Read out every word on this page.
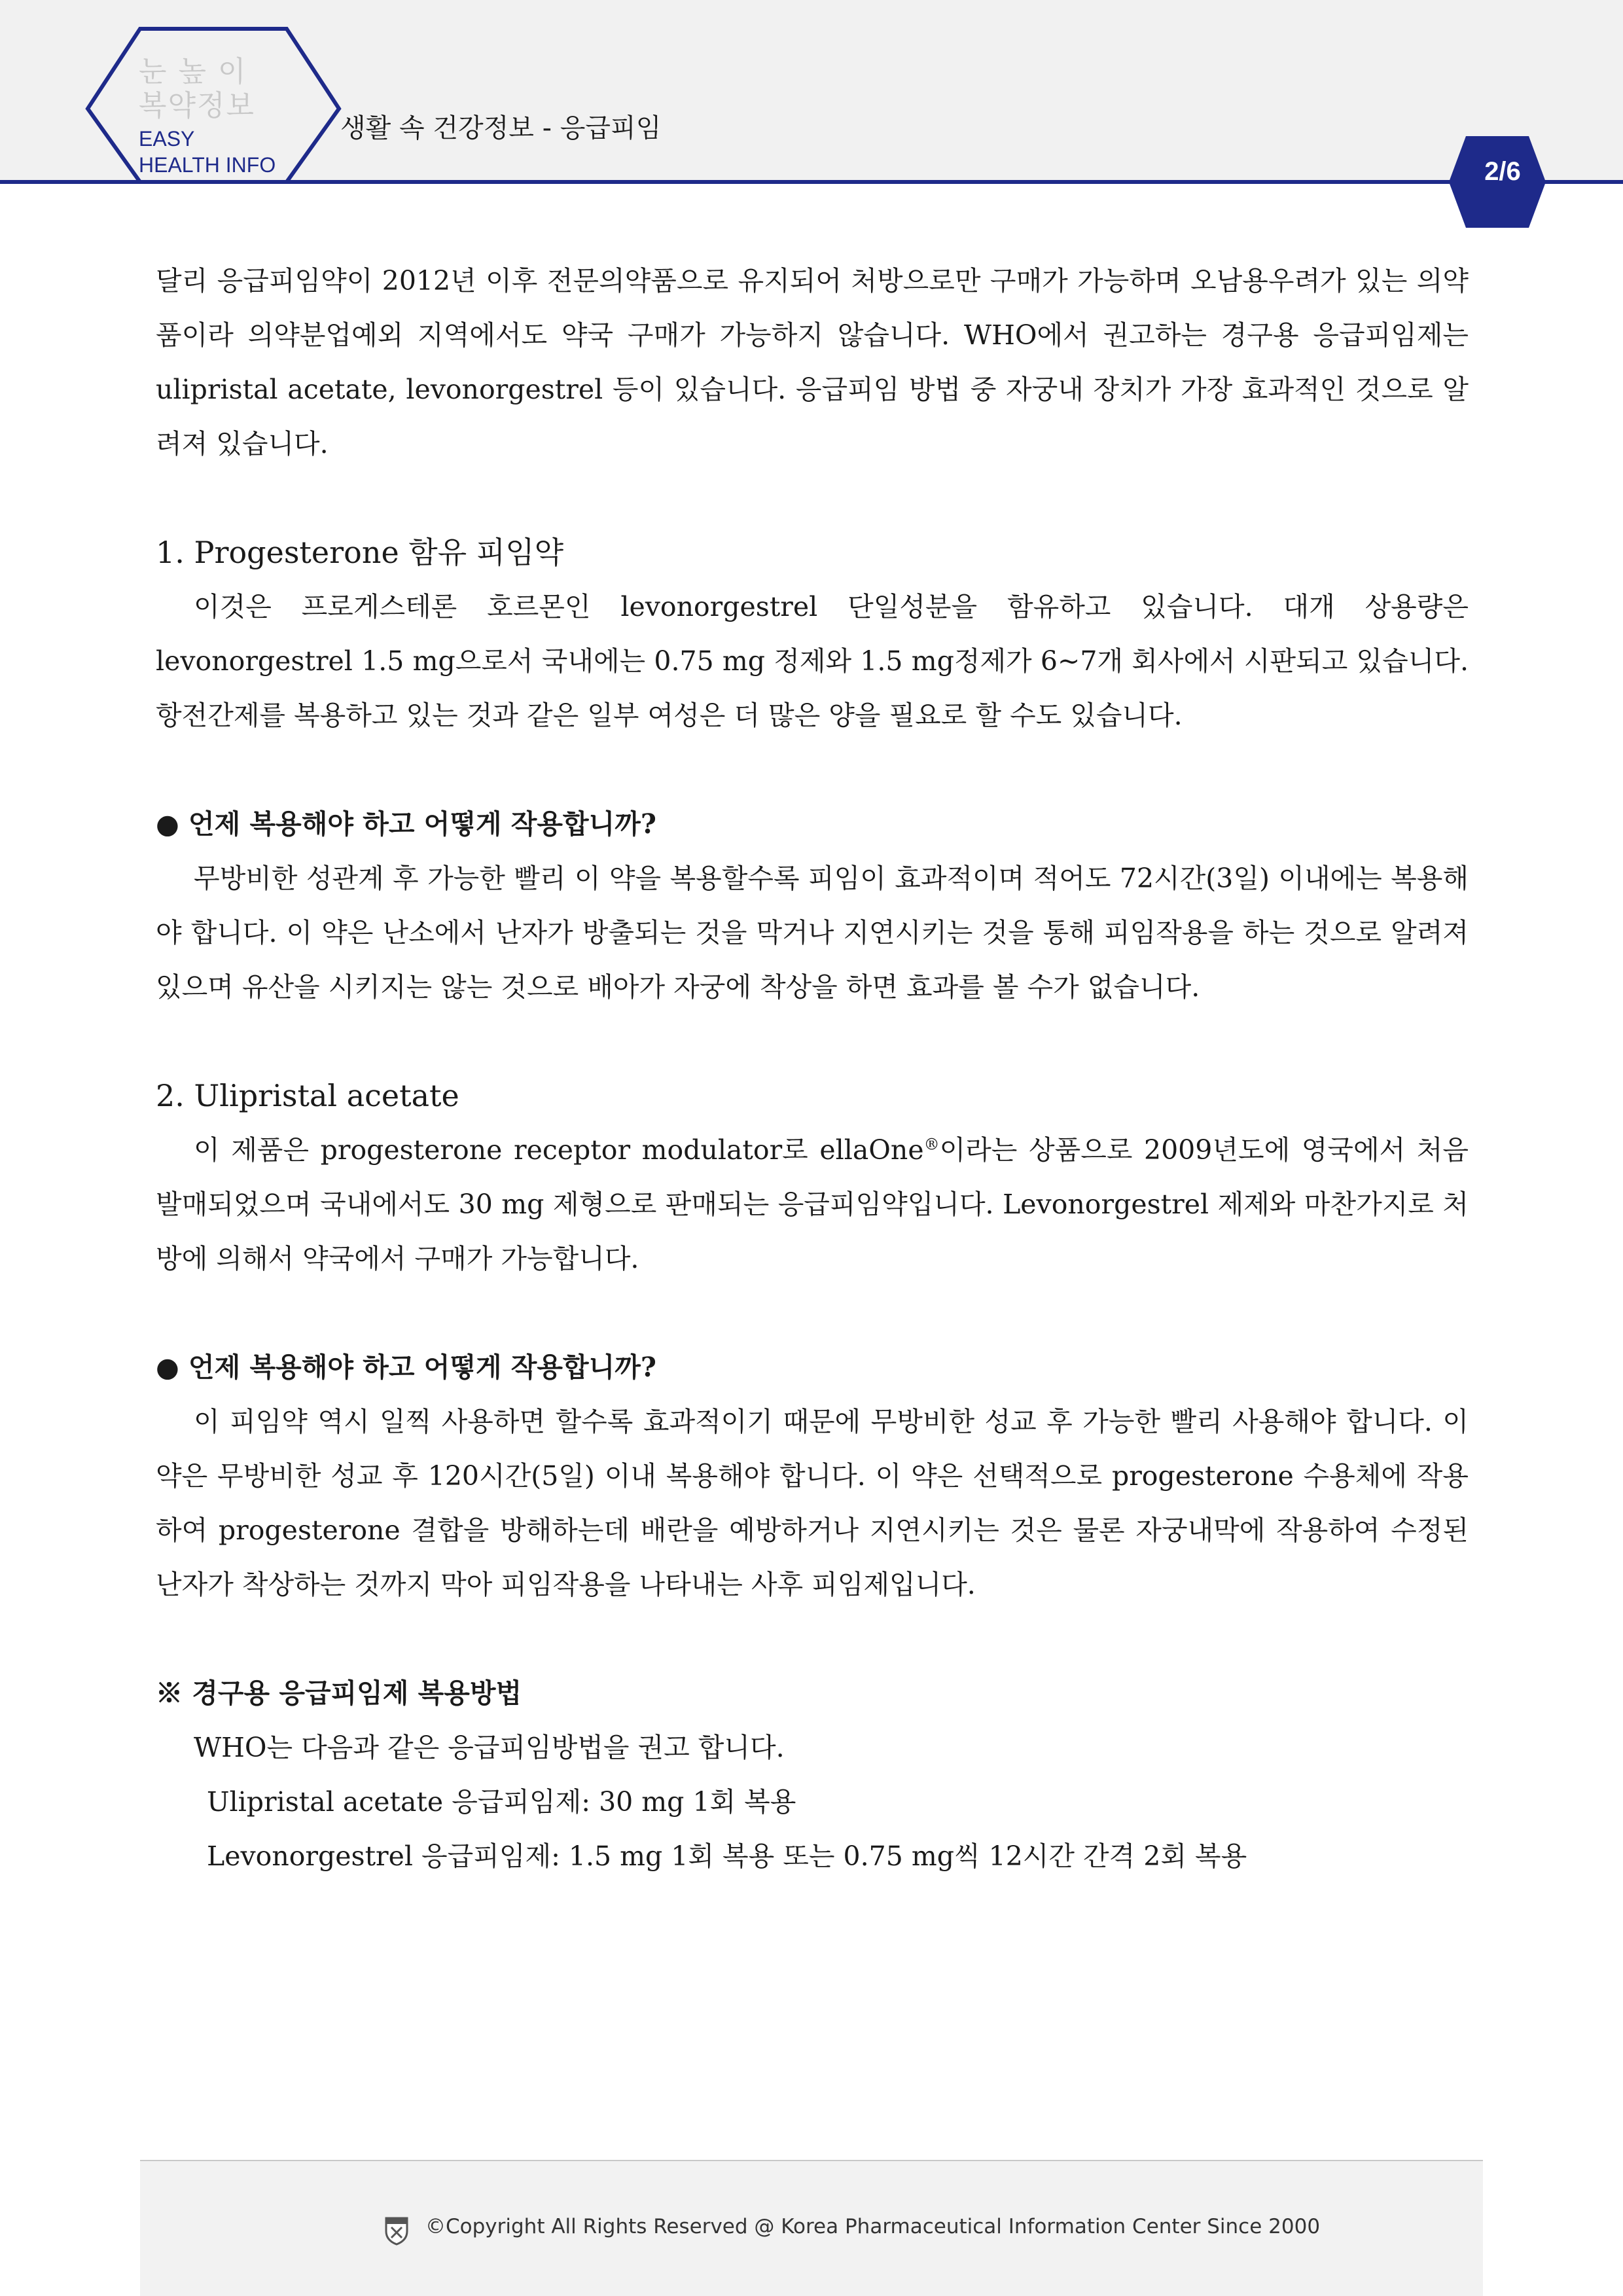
눈 높 이
복약정보
EASY
HEALTH INFO
생활 속 건강정보 - 응급피임
2/6

달리 응급피임약이 2012년 이후 전문의약품으로 유지되어 처방으로만 구매가 가능하며 오남용우려가 있는 의약품이라 의약분업예외 지역에서도 약국 구매가 가능하지 않습니다. WHO에서 권고하는 경구용 응급피임제는 ulipristal acetate, levonorgestrel 등이 있습니다. 응급피임 방법 중 자궁내 장치가 가장 효과적인 것으로 알려져 있습니다.

1. Progesterone 함유 피임약

이것은 프로게스테론 호르몬인 levonorgestrel 단일성분을 함유하고 있습니다. 대개 상용량은 levonorgestrel 1.5 mg으로서 국내에는 0.75 mg 정제와 1.5 mg정제가 6~7개 회사에서 시판되고 있습니다. 항전간제를 복용하고 있는 것과 같은 일부 여성은 더 많은 양을 필요로 할 수도 있습니다.

● 언제 복용해야 하고 어떻게 작용합니까?

무방비한 성관계 후 가능한 빨리 이 약을 복용할수록 피임이 효과적이며 적어도 72시간(3일) 이내에는 복용해야 합니다. 이 약은 난소에서 난자가 방출되는 것을 막거나 지연시키는 것을 통해 피임작용을 하는 것으로 알려져 있으며 유산을 시키지는 않는 것으로 배아가 자궁에 착상을 하면 효과를 볼 수가 없습니다.

2. Ulipristal acetate

이 제품은 progesterone receptor modulator로 ellaOne®이라는 상품으로 2009년도에 영국에서 처음 발매되었으며 국내에서도 30 mg 제형으로 판매되는 응급피임약입니다. Levonorgestrel 제제와 마찬가지로 처방에 의해서 약국에서 구매가 가능합니다.

● 언제 복용해야 하고 어떻게 작용합니까?

이 피임약 역시 일찍 사용하면 할수록 효과적이기 때문에 무방비한 성교 후 가능한 빨리 사용해야 합니다. 이 약은 무방비한 성교 후 120시간(5일) 이내 복용해야 합니다. 이 약은 선택적으로 progesterone 수용체에 작용하여 progesterone 결합을 방해하는데 배란을 예방하거나 지연시키는 것은 물론 자궁내막에 작용하여 수정된 난자가 착상하는 것까지 막아 피임작용을 나타내는 사후 피임제입니다.

※ 경구용 응급피임제 복용방법

WHO는 다음과 같은 응급피임방법을 권고 합니다.

Ulipristal acetate 응급피임제: 30 mg 1회 복용
Levonorgestrel 응급피임제: 1.5 mg 1회 복용 또는 0.75 mg씩 12시간 간격 2회 복용
©Copyright All Rights Reserved @ Korea Pharmaceutical Information Center Since 2000
